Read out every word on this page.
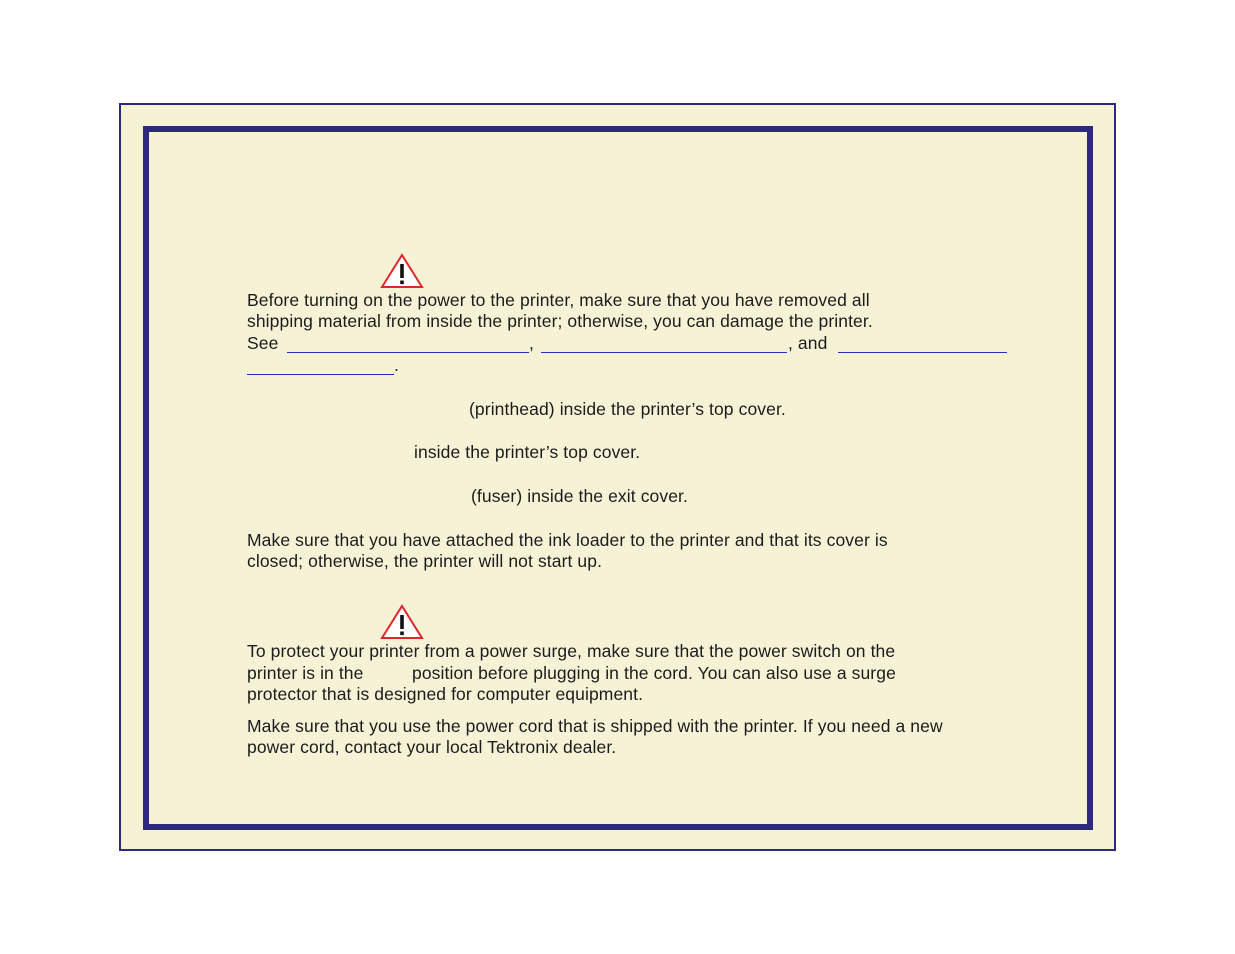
Before turning on the power to the printer, make sure that you have removed all
shipping material from inside the printer; otherwise, you can damage the printer.
See	,	, and
.
(printhead) inside the printer’s top cover.
inside the printer’s top cover.
(fuser) inside the exit cover.
Make sure that you have attached the ink loader to the printer and that its cover is
closed; otherwise, the printer will not start up.
To protect your printer from a power surge, make sure that the power switch on the
printer is in the	position before plugging in the cord. You can also use a surge
protector that is designed for computer equipment.
Make sure that you use the power cord that is shipped with the printer. If you need a new
power cord, contact your local Tektronix dealer.
